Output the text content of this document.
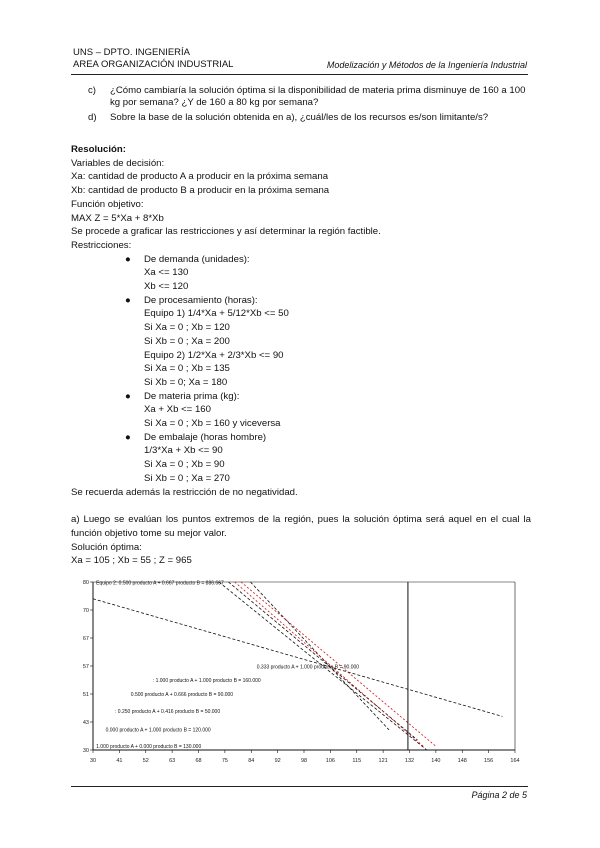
UNS – DPTO. INGENIERÍA
AREA ORGANIZACIÓN INDUSTRIAL	Modelización y Métodos de la Ingeniería Industrial
c) ¿Cómo cambiaría la solución óptima si la disponibilidad de materia prima disminuye de 160 a 100 kg por semana? ¿Y de 160 a 80 kg por semana?
d) Sobre la base de la solución obtenida en a), ¿cuál/les de los recursos es/son limitante/s?
Resolución:
Variables de decisión:
Xa: cantidad de producto A a producir en la próxima semana
Xb: cantidad de producto B a producir en la próxima semana
Función objetivo:
MAX Z = 5*Xa + 8*Xb
Se procede a graficar las restricciones y así determinar la región factible.
Restricciones:
● De demanda (unidades):
Xa <= 130
Xb <= 120
● De procesamiento (horas):
Equipo 1) 1/4*Xa + 5/12*Xb <= 50
Si Xa = 0 ; Xb = 120
Si Xb = 0 ; Xa = 200
Equipo 2) 1/2*Xa + 2/3*Xb <= 90
Si Xa = 0 ; Xb = 135
Si Xb = 0; Xa = 180
● De materia prima (kg):
Xa + Xb <= 160
Si Xa = 0 ; Xb = 160 y viceversa
● De embalaje (horas hombre)
1/3*Xa + Xb <= 90
Si Xa = 0 ; Xb = 90
Si Xb = 0 ; Xa = 270
Se recuerda además la restricción de no negatividad.
a) Luego se evalúan los puntos extremos de la región, pues la solución óptima será aquel en el cual la función objetivo tome su mejor valor.
Solución óptima:
Xa = 105 ; Xb = 55 ; Z = 965
30	41	52	63	68	75	84	92	98	106	115	121	132	140	148	156	164
30
43
51
57
67
70
80 Equipo 2: 0.500 producto A + 0.667 producto B = 886.667
0.333 producto A + 1.000 producto B = 90.000
: 1.000 producto A + 1.000 producto B = 160.000
0.500 producto A + 0.666 producto B = 90.000
: 0.250 producto A + 0.416 producto B = 50.000
0.000 producto A + 1.000 producto B = 120.000
1.000 producto A + 0.000 producto B = 130.000
Página 2 de 5
